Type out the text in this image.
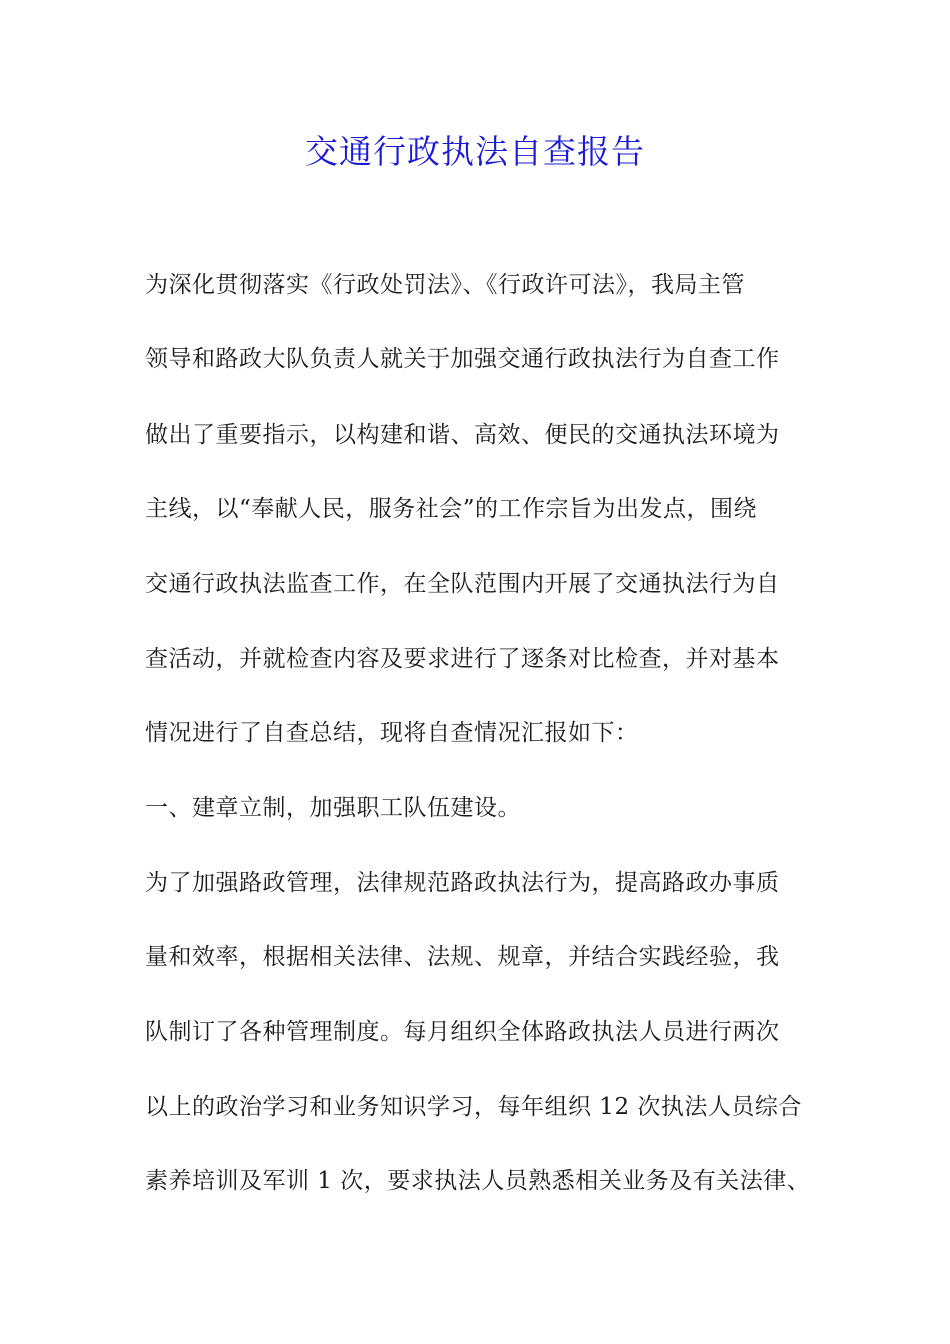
交通行政执法自查报告
为深化贯彻落实《行政处罚法》、《行政许可法》，我局主管
领导和路政大队负责人就关于加强交通行政执法行为自查工作
做出了重要指示，以构建和谐、高效、便民的交通执法环境为
主线，以“奉献人民，服务社会”的工作宗旨为出发点，围绕
交通行政执法监查工作，在全队范围内开展了交通执法行为自
查活动，并就检查内容及要求进行了逐条对比检查，并对基本
情况进行了自查总结，现将自查情况汇报如下：
一、建章立制，加强职工队伍建设。
为了加强路政管理，法律规范路政执法行为，提高路政办事质
量和效率，根据相关法律、法规、规章，并结合实践经验，我
队制订了各种管理制度。每月组织全体路政执法人员进行两次
以上的政治学习和业务知识学习，每年组织 12 次执法人员综合
素养培训及军训 1 次，要求执法人员熟悉相关业务及有关法律、
